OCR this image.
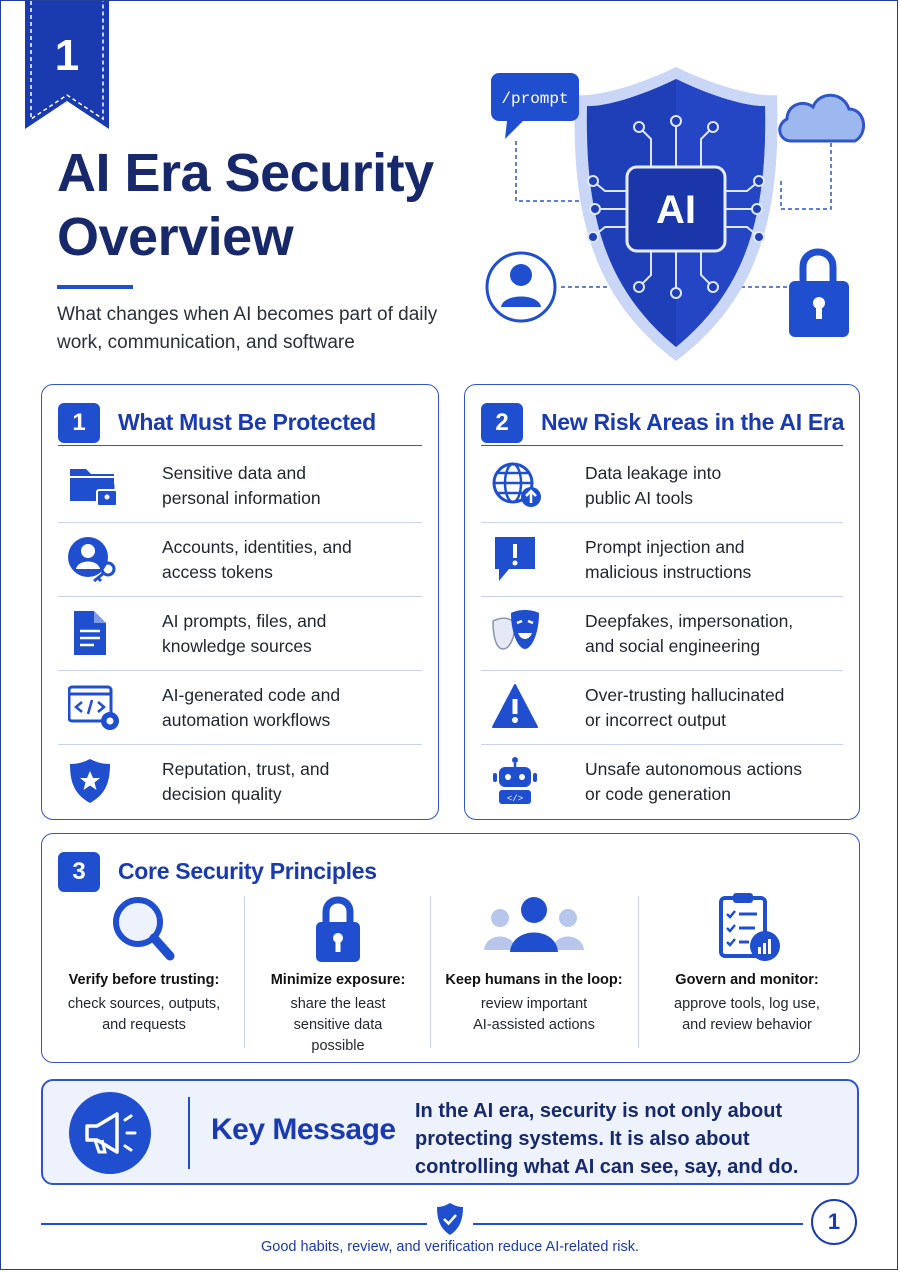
1
AI Era Security
Overview
What changes when AI becomes part of daily work, communication, and software
AI
/prompt
1	What Must Be Protected
Sensitive data and
personal information
Accounts, identities, and
access tokens
AI prompts, files, and
knowledge sources
AI-generated code and
automation workflows
Reputation, trust, and
decision quality
2	New Risk Areas in the AI Era
Data leakage into
public AI tools
Prompt injection and
malicious instructions
Deepfakes, impersonation,
and social engineering
Over-trusting hallucinated
or incorrect output
</>
Unsafe autonomous actions
or code generation
3	Core Security Principles
Verify before trusting:
check sources, outputs,
and requests
Minimize exposure:
share the least
sensitive data
possible
Keep humans in the loop:
review important
AI-assisted actions
Govern and monitor:
approve tools, log use,
and review behavior
Key Message
In the AI era, security is not only about
protecting systems. It is also about
controlling what AI can see, say, and do.
1
Good habits, review, and verification reduce AI-related risk.
